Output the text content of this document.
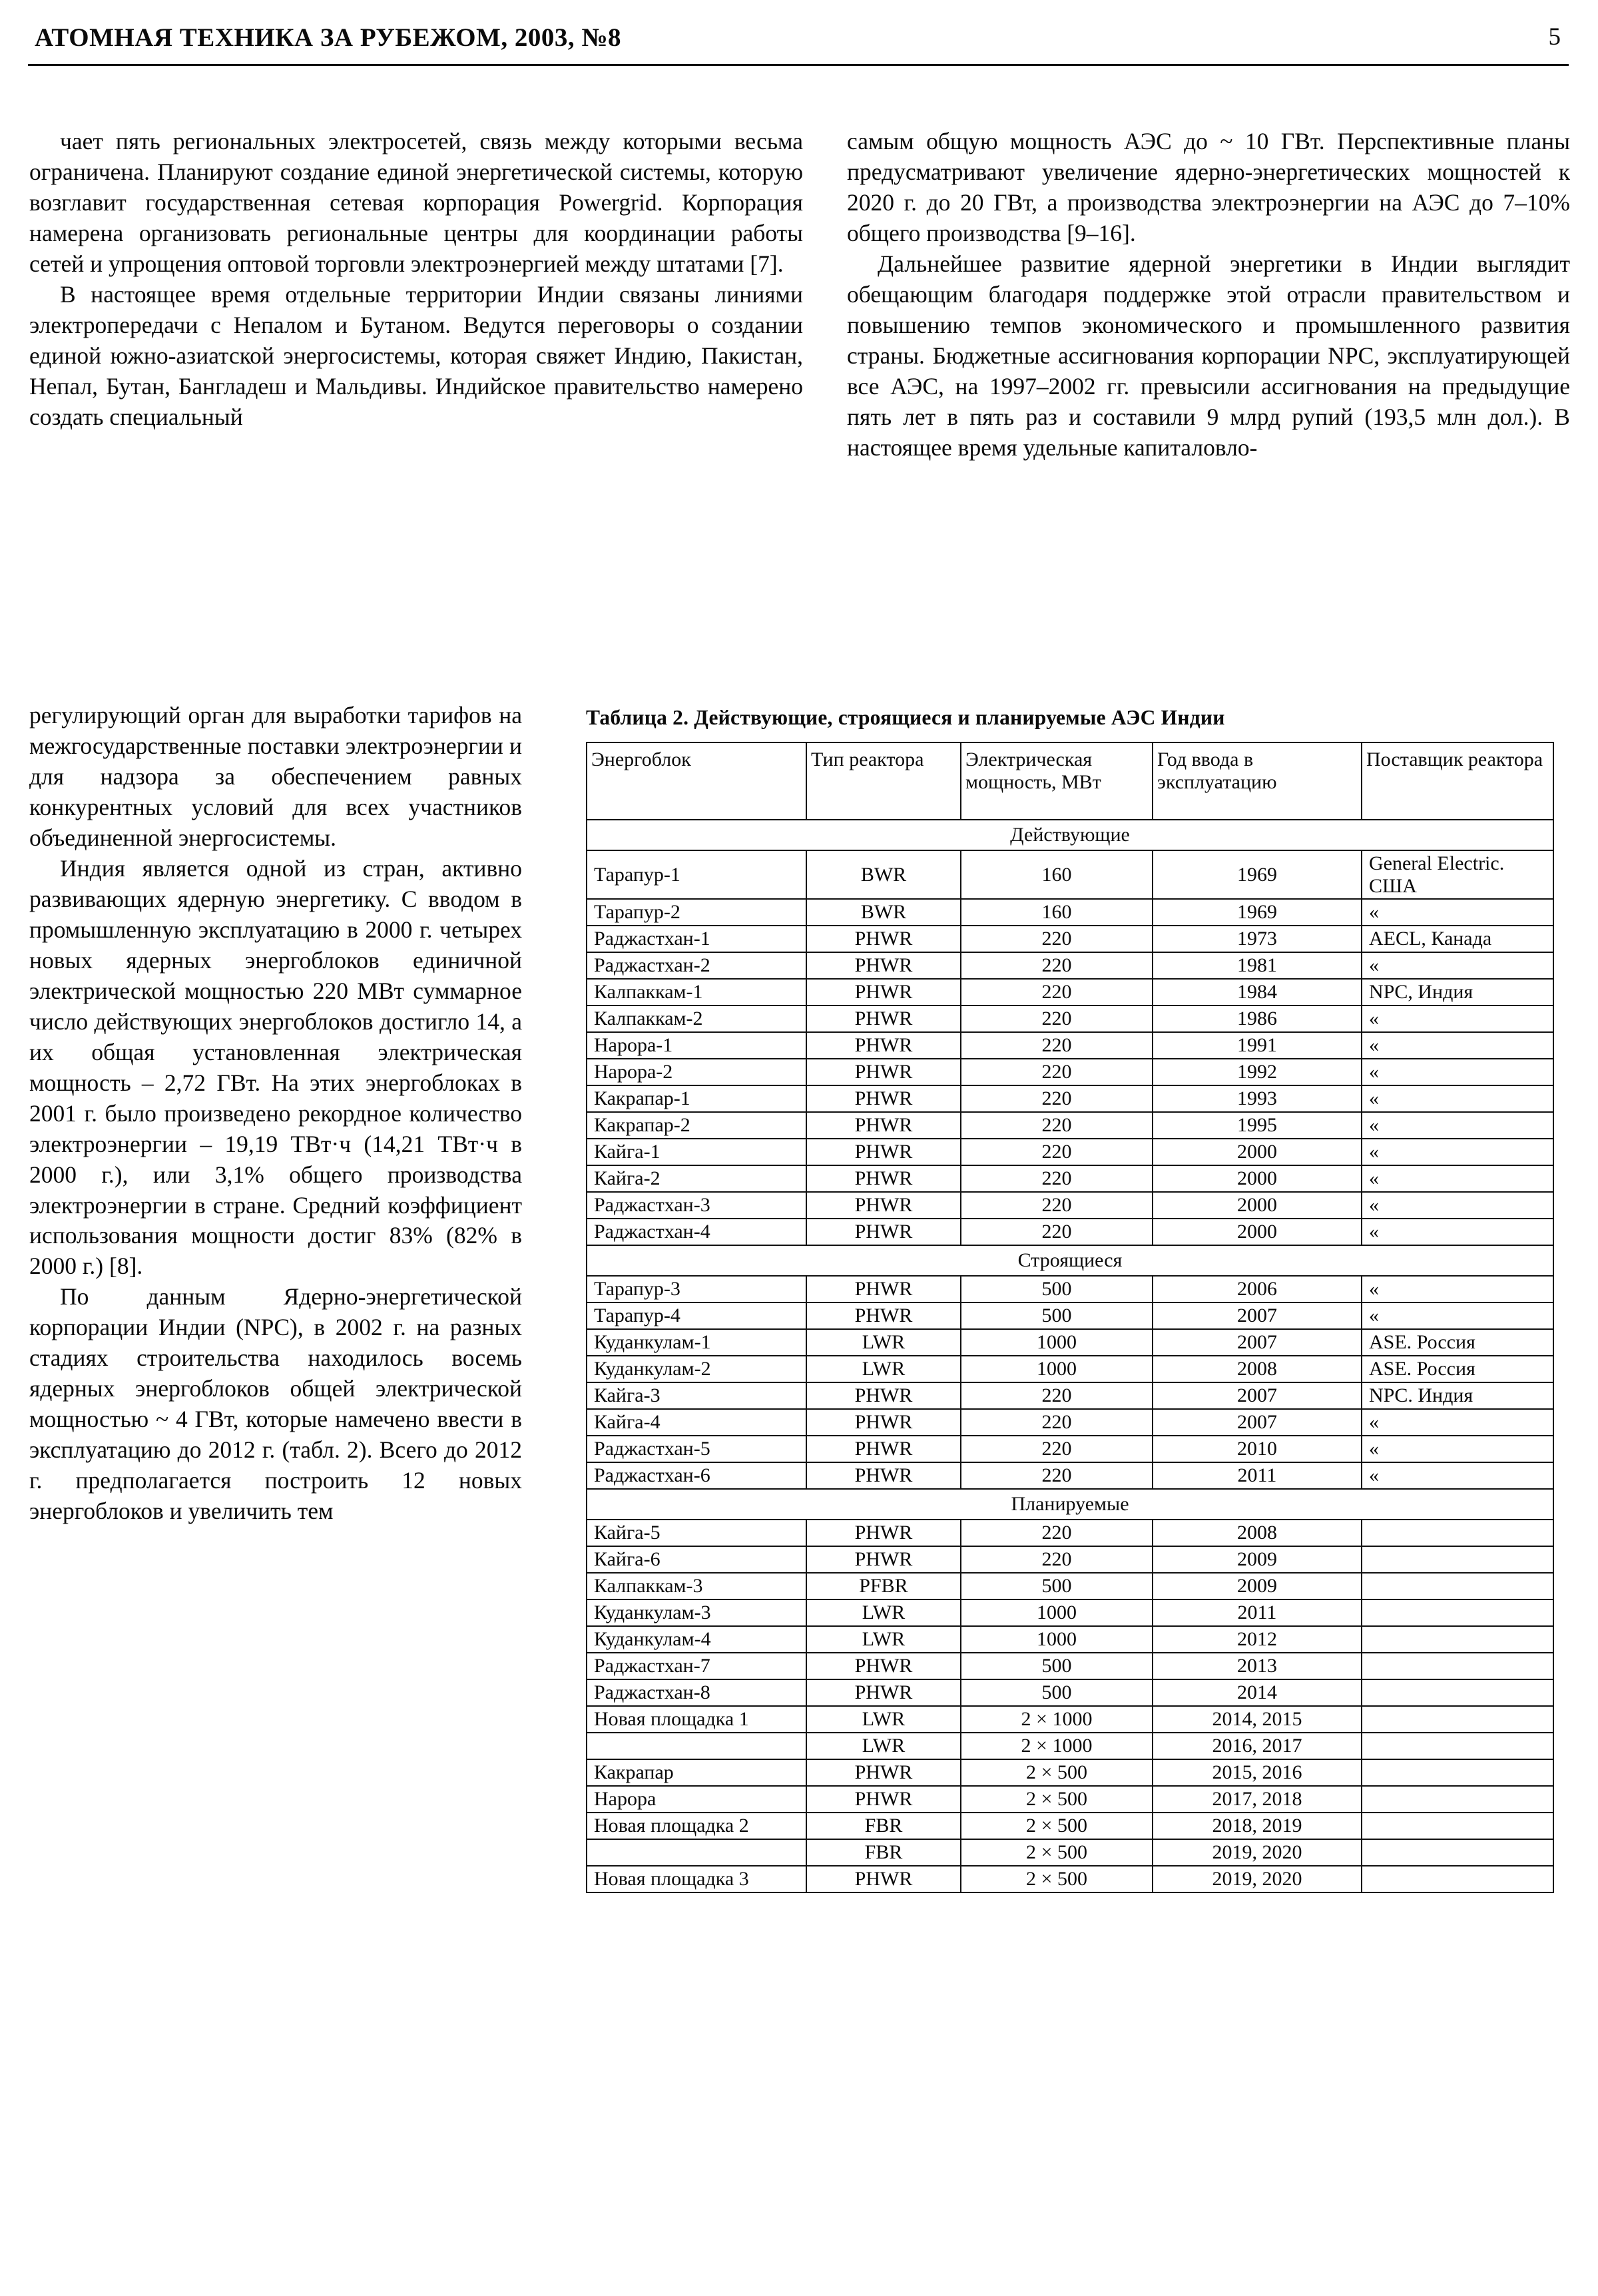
АТОМНАЯ ТЕХНИКА ЗА РУБЕЖОМ, 2003, №8	5

чает пять региональных электросетей, связь между которыми весьма ограничена. Планируют создание единой энергетической системы, которую возглавит государственная сетевая корпорация Powergrid. Корпорация намерена организовать региональные центры для координации работы сетей и упрощения оптовой торговли электроэнергией между штатами [7].

В настоящее время отдельные территории Индии связаны линиями электропередачи с Непалом и Бутаном. Ведутся переговоры о создании единой южно-азиатской энергосистемы, которая свяжет Индию, Пакистан, Непал, Бутан, Бангладеш и Мальдивы. Индийское правительство намерено создать специальный

регулирующий орган для выработки тарифов на межгосударственные поставки электроэнергии и для надзора за обеспечением равных конкурентных условий для всех участников объединенной энергосистемы.

Индия является одной из стран, активно развивающих ядерную энергетику. С вводом в промышленную эксплуатацию в 2000 г. четырех новых ядерных энергоблоков единичной электрической мощностью 220 МВт суммарное число действующих энергоблоков достигло 14, а их общая установленная электрическая мощность – 2,72 ГВт. На этих энергоблоках в 2001 г. было произведено рекордное количество электроэнергии – 19,19 ТВт·ч (14,21 ТВт·ч в 2000 г.), или 3,1% общего производства электроэнергии в стране. Средний коэффициент использования мощности достиг 83% (82% в 2000 г.) [8].

По данным Ядерно-энергетической корпорации Индии (NPC), в 2002 г. на разных стадиях строительства находилось восемь ядерных энергоблоков общей электрической мощностью ~ 4 ГВт, которые намечено ввести в эксплуатацию до 2012 г. (табл. 2). Всего до 2012 г. предполагается построить 12 новых энергоблоков и увеличить тем

самым общую мощность АЭС до ~ 10 ГВт. Перспективные планы предусматривают увеличение ядерно-энергетических мощностей к 2020 г. до 20 ГВт, а производства электроэнергии на АЭС до 7–10% общего производства [9–16].

Дальнейшее развитие ядерной энергетики в Индии выглядит обещающим благодаря поддержке этой отрасли правительством и повышению темпов экономического и промышленного развития страны. Бюджетные ассигнования корпорации NPC, эксплуатирующей все АЭС, на 1997–2002 гг. превысили ассигнования на предыдущие пять лет в пять раз и составили 9 млрд рупий (193,5 млн дол.). В настоящее время удельные капиталовло-

Таблица 2. Действующие, строящиеся и планируемые АЭС Индии
Энергоблок	Тип реактора	Электрическая мощность, МВт	Год ввода в эксплуатацию	Поставщик реактора
Действующие				
Тарапур-1	BWR	160	1969	General Electric. США
Тарапур-2	BWR	160	1969	«
Раджастхан-1	PHWR	220	1973	AECL, Канада
Раджастхан-2	PHWR	220	1981	«
Калпаккам-1	PHWR	220	1984	NPC, Индия
Калпаккам-2	PHWR	220	1986	«
Нарора-1	PHWR	220	1991	«
Нарора-2	PHWR	220	1992	«
Какрапар-1	PHWR	220	1993	«
Какрапар-2	PHWR	220	1995	«
Кайга-1	PHWR	220	2000	«
Кайга-2	PHWR	220	2000	«
Раджастхан-3	PHWR	220	2000	«
Раджастхан-4	PHWR	220	2000	«
Строящиеся				
Тарапур-3	PHWR	500	2006	«
Тарапур-4	PHWR	500	2007	«
Куданкулам-1	LWR	1000	2007	ASE. Россия
Куданкулам-2	LWR	1000	2008	ASE. Россия
Кайга-3	PHWR	220	2007	NPC. Индия
Кайга-4	PHWR	220	2007	«
Раджастхан-5	PHWR	220	2010	«
Раджастхан-6	PHWR	220	2011	«
Планируемые				
Кайга-5	PHWR	220	2008	
Кайга-6	PHWR	220	2009	
Калпаккам-3	PFBR	500	2009	
Куданкулам-3	LWR	1000	2011	
Куданкулам-4	LWR	1000	2012	
Раджастхан-7	PHWR	500	2013	
Раджастхан-8	PHWR	500	2014	
Новая площадка 1	LWR	2 × 1000	2014, 2015	
	LWR	2 × 1000	2016, 2017	
Какрапар	PHWR	2 × 500	2015, 2016	
Нарора	PHWR	2 × 500	2017, 2018	
Новая площадка 2	FBR	2 × 500	2018, 2019	
	FBR	2 × 500	2019, 2020	
Новая площадка 3	PHWR	2 × 500	2019, 2020	
